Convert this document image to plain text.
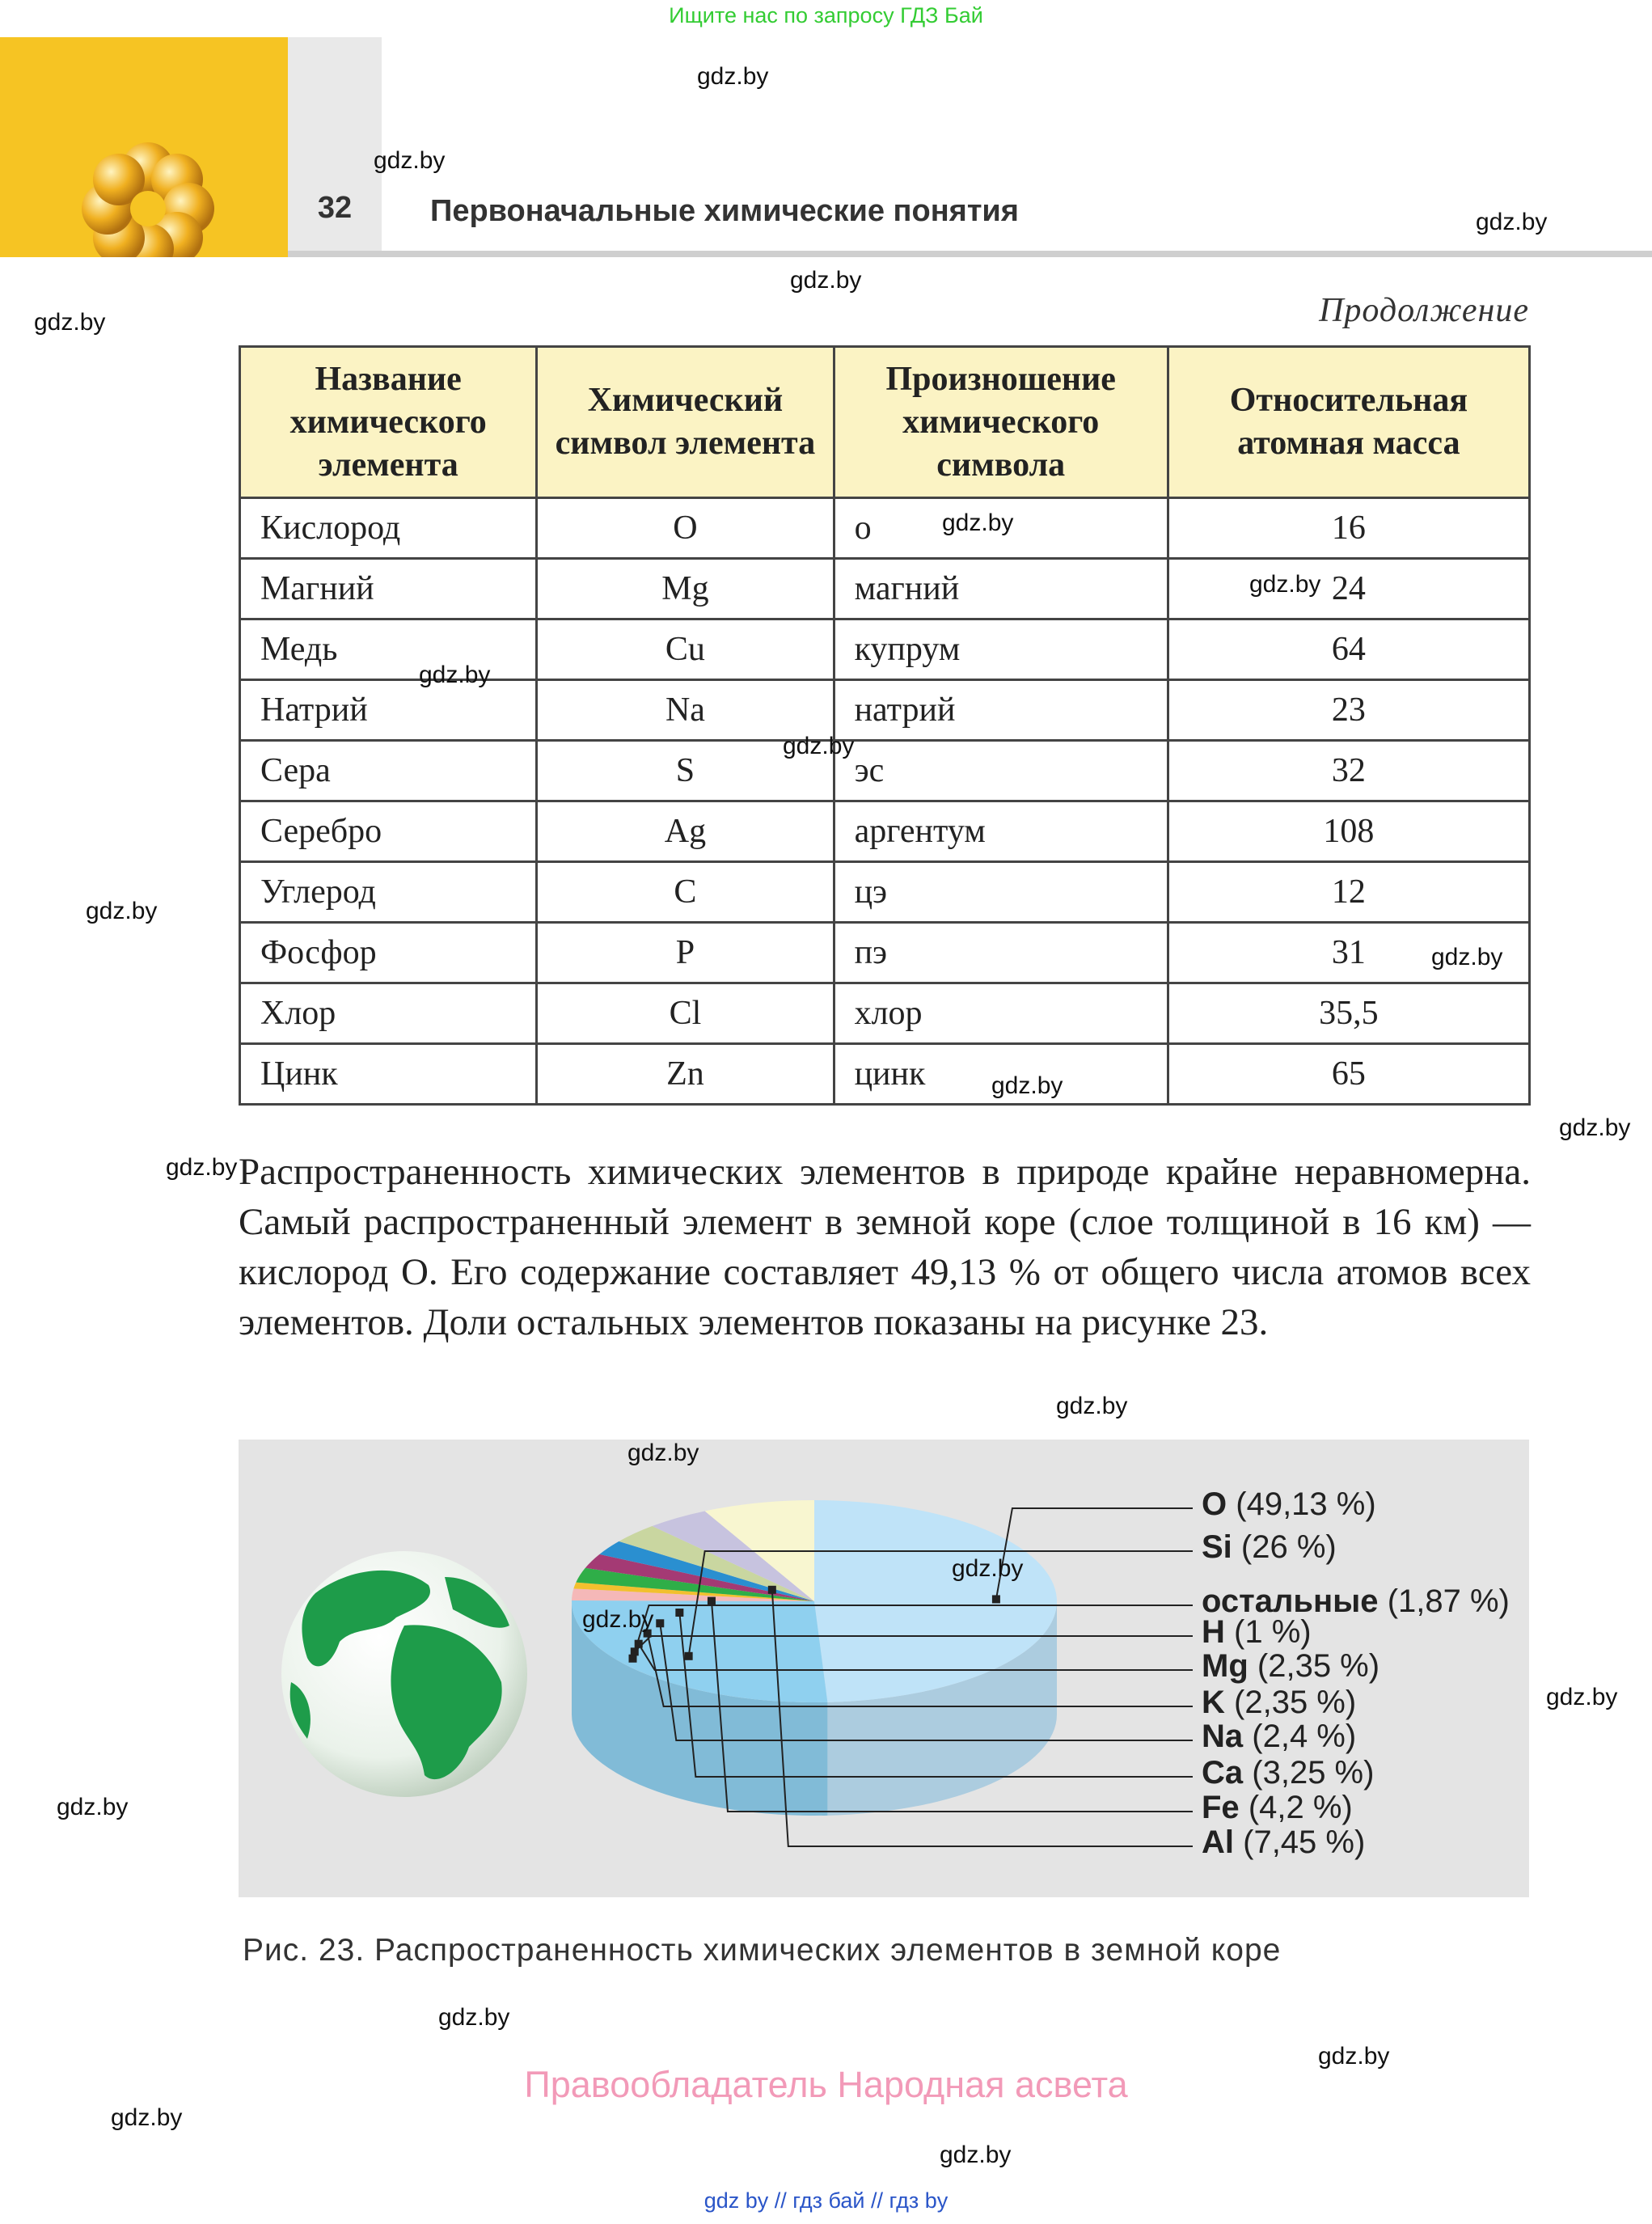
Ищите нас по запросу ГДЗ Бай
32	Первоначальные химические понятия
Продолжение
Название химического элемента	Химический символ элемента	Произношение химического символа	Относительная атомная масса
Кислород	O	о	16
Магний	Mg	магний	24
Медь	Cu	купрум	64
Натрий	Na	натрий	23
Сера	S	эс	32
Серебро	Ag	аргентум	108
Углерод	C	цэ	12
Фосфор	P	пэ	31
Хлор	Cl	хлор	35,5
Цинк	Zn	цинк	65
Распространенность химических элементов в природе крайне неравномерна. Самый распространенный элемент в земной коре (слое толщиной в 16 км) — кислород O. Его содержание составляет 49,13 % от общего числа атомов всех элементов. Доли остальных элементов показаны на рисунке 23.
O (49,13 %)
Si (26 %)
остальные (1,87 %)
H (1 %)
Mg (2,35 %)
K (2,35 %)
Na (2,4 %)
Ca (3,25 %)
Fe (4,2 %)
Al (7,45 %)
Рис. 23. Распространенность химических элементов в земной коре
Правообладатель Народная асвета
gdz by // гдз бай // гдз by
gdz.by
gdz.by
gdz.by
gdz.by
gdz.by
gdz.by
gdz.by
gdz.by
gdz.by
gdz.by
gdz.by
gdz.by
gdz.by
gdz.by
gdz.by
gdz.by
gdz.by
gdz.by
gdz.by
gdz.by
gdz.by
gdz.by
gdz.by
gdz.by
